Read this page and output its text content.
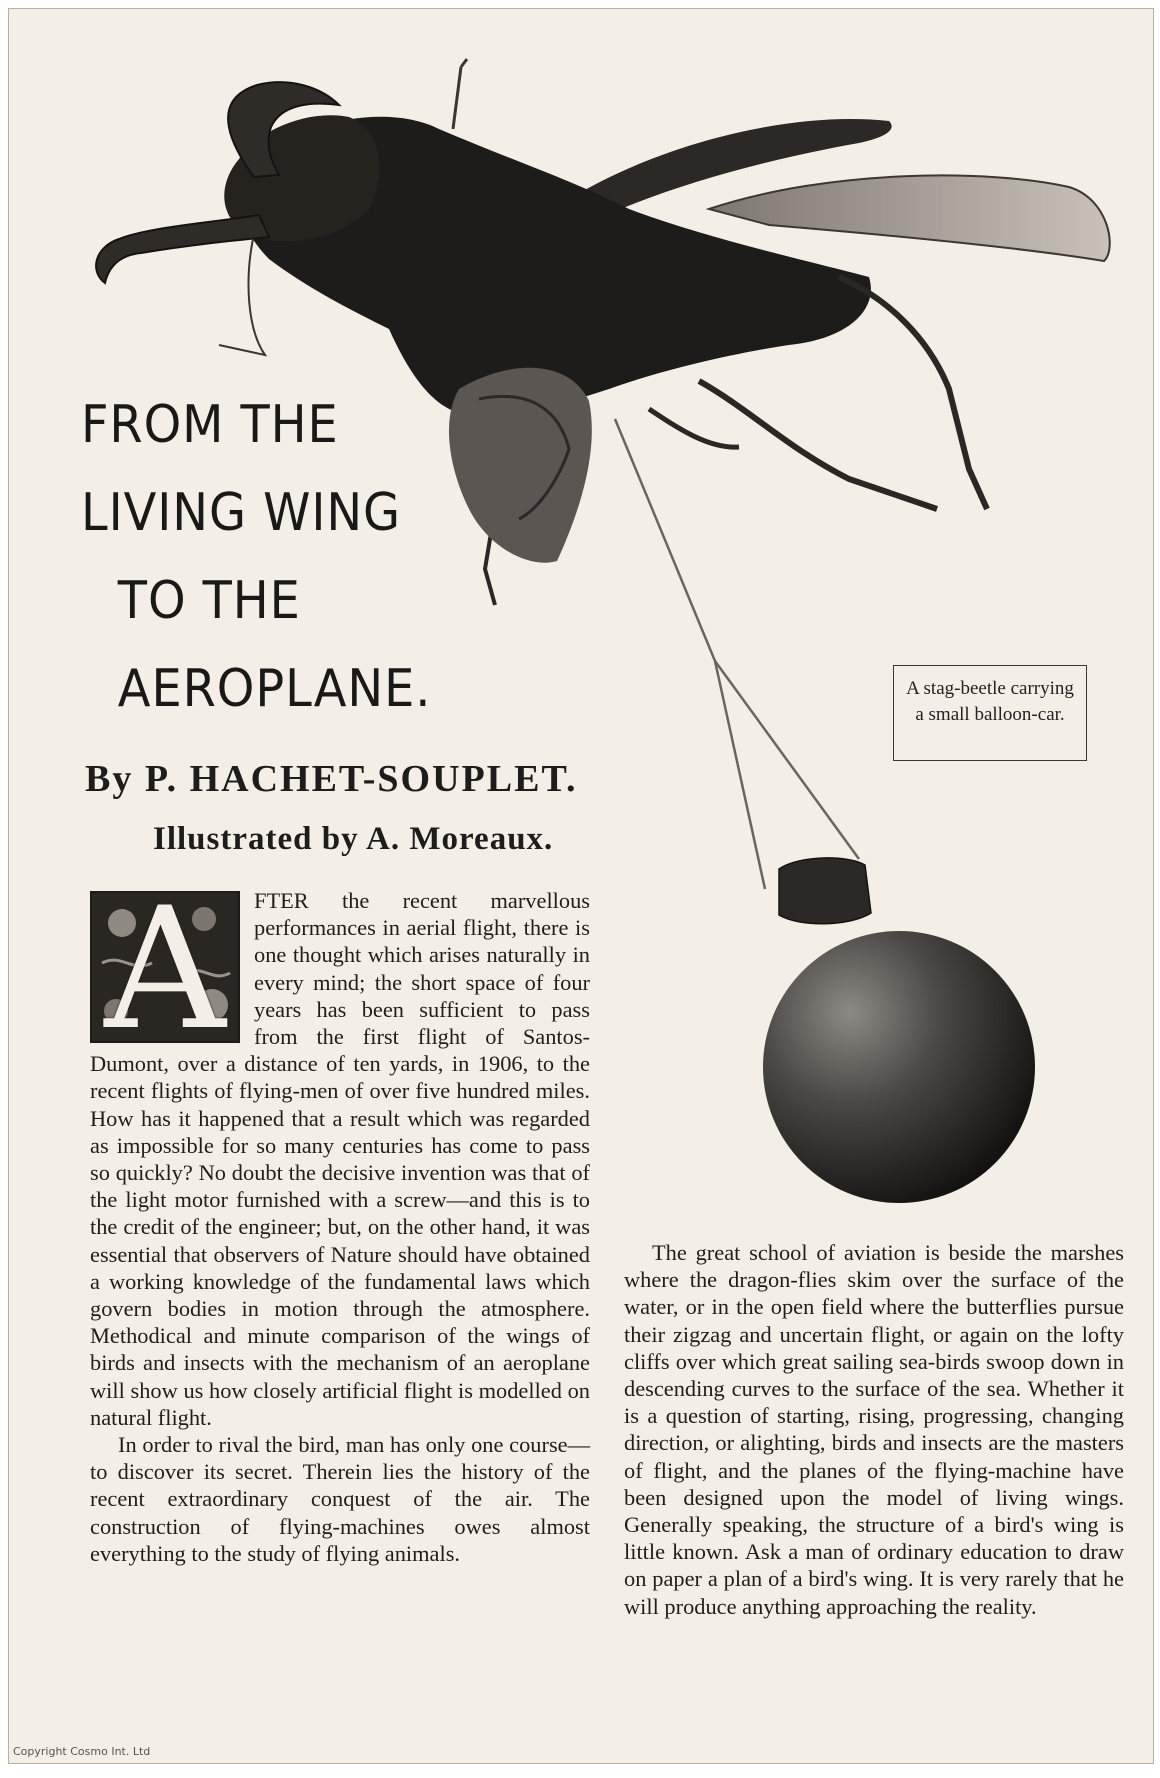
FROM THE
LIVING WING
TO THE
AEROPLANE.

By P. HACHET-SOUPLET.

Illustrated by A. Moreaux.

A stag-beetle carrying a small balloon-car.
A	FTER the recent marvellous performances in aerial flight, there is one thought which arises naturally in every mind; the short space of four years has been sufficient to pass from the first flight of Santos-Dumont, over a distance of ten yards, in 1906, to the recent flights of flying-men of over five hundred miles. How has it happened that a result which was regarded as impossible for so many centuries has come to pass so quickly? No doubt the decisive invention was that of the light motor furnished with a screw—and this is to the credit of the engineer; but, on the other hand, it was essential that observers of Nature should have obtained a working knowledge of the fundamental laws which govern bodies in motion through the atmosphere. Methodical and minute comparison of the wings of birds and insects with the mechanism of an aeroplane will show us how closely artificial flight is modelled on natural flight.

In order to rival the bird, man has only one course—to discover its secret. Therein lies the history of the recent extraordinary conquest of the air. The construction of flying-machines owes almost everything to the study of flying animals.

The great school of aviation is beside the marshes where the dragon-flies skim over the surface of the water, or in the open field where the butterflies pursue their zigzag and uncertain flight, or again on the lofty cliffs over which great sailing sea-birds swoop down in descending curves to the surface of the sea. Whether it is a question of starting, rising, progressing, changing direction, or alighting, birds and insects are the masters of flight, and the planes of the flying-machine have been designed upon the model of living wings. Generally speaking, the structure of a bird's wing is little known. Ask a man of ordinary education to draw on paper a plan of a bird's wing. It is very rarely that he will produce anything approaching the reality.

Copyright Cosmo Int. Ltd
